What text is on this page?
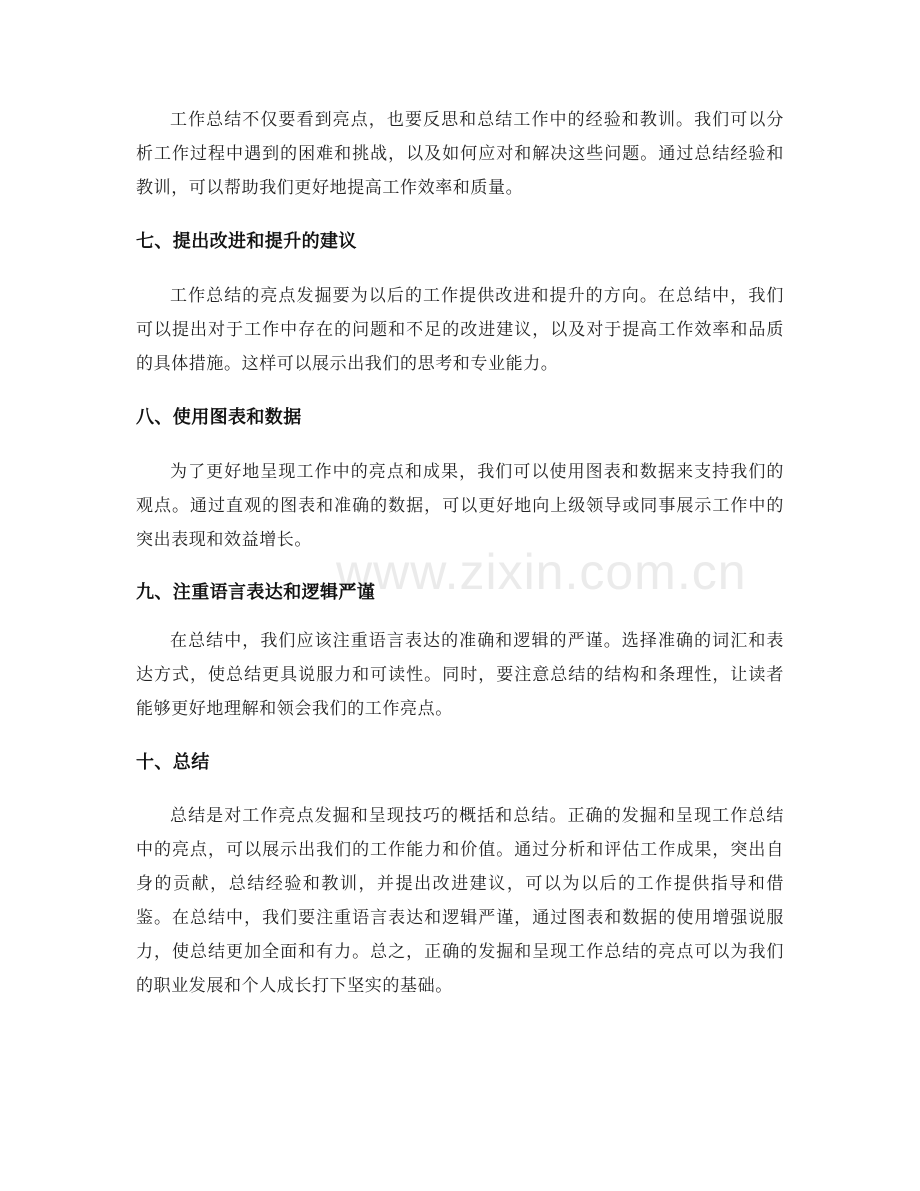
www.zixin.com.cn

工作总结不仅要看到亮点，也要反思和总结工作中的经验和教训。我们可以分析工作过程中遇到的困难和挑战，以及如何应对和解决这些问题。通过总结经验和教训，可以帮助我们更好地提高工作效率和质量。

七、提出改进和提升的建议

工作总结的亮点发掘要为以后的工作提供改进和提升的方向。在总结中，我们可以提出对于工作中存在的问题和不足的改进建议，以及对于提高工作效率和品质的具体措施。这样可以展示出我们的思考和专业能力。

八、使用图表和数据

为了更好地呈现工作中的亮点和成果，我们可以使用图表和数据来支持我们的观点。通过直观的图表和准确的数据，可以更好地向上级领导或同事展示工作中的突出表现和效益增长。

九、注重语言表达和逻辑严谨

在总结中，我们应该注重语言表达的准确和逻辑的严谨。选择准确的词汇和表达方式，使总结更具说服力和可读性。同时，要注意总结的结构和条理性，让读者能够更好地理解和领会我们的工作亮点。

十、总结

总结是对工作亮点发掘和呈现技巧的概括和总结。正确的发掘和呈现工作总结中的亮点，可以展示出我们的工作能力和价值。通过分析和评估工作成果，突出自身的贡献，总结经验和教训，并提出改进建议，可以为以后的工作提供指导和借鉴。在总结中，我们要注重语言表达和逻辑严谨，通过图表和数据的使用增强说服力，使总结更加全面和有力。总之，正确的发掘和呈现工作总结的亮点可以为我们的职业发展和个人成长打下坚实的基础。
